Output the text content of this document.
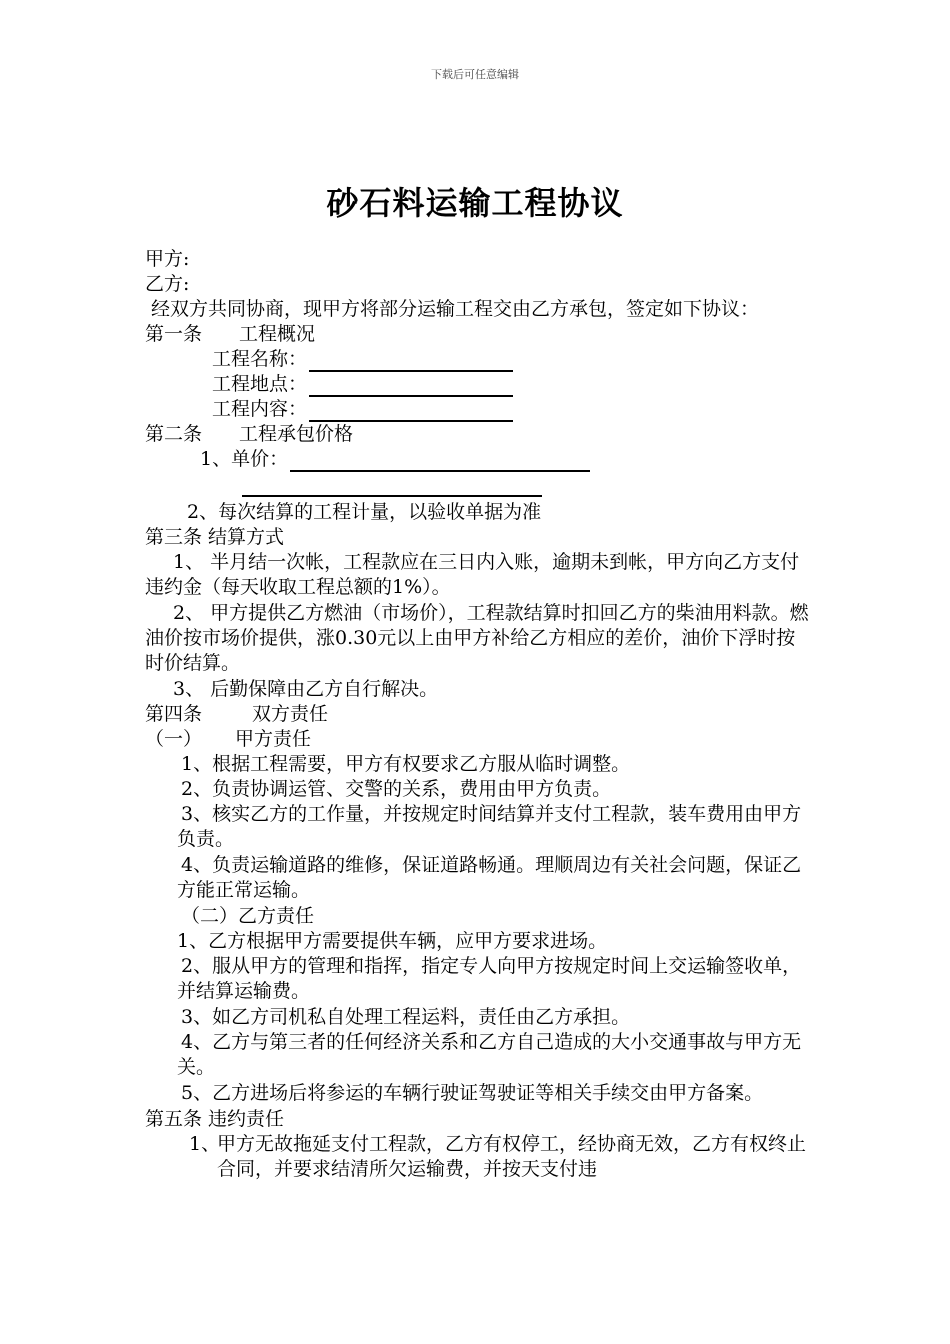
下载后可任意编辑
砂石料运输工程协议
甲方:
乙方:
经双方共同协商，现甲方将部分运输工程交由乙方承包，签定如下协议：
第一条 工程概况
工程名称：
工程地点：
工程内容：
第二条 工程承包价格
1、单价：
2、每次结算的工程计量，以验收单据为准
第三条 结算方式
1、 半月结一次帐，工程款应在三日内入账，逾期未到帐，甲方向乙方支付违约金（每天收取工程总额的1%）。
2、 甲方提供乙方燃油（市场价），工程款结算时扣回乙方的柴油用料款。燃油价按市场价提供，涨0.30元以上由甲方补给乙方相应的差价，油价下浮时按时价结算。
3、 后勤保障由乙方自行解决。
第四条	双方责任
（一） 甲方责任
1、根据工程需要，甲方有权要求乙方服从临时调整。
2、负责协调运管、交警的关系，费用由甲方负责。
3、核实乙方的工作量，并按规定时间结算并支付工程款，装车费用由甲方负责。
4、负责运输道路的维修，保证道路畅通。理顺周边有关社会问题，保证乙方能正常运输。
（二）乙方责任
1、乙方根据甲方需要提供车辆，应甲方要求进场。
2、服从甲方的管理和指挥，指定专人向甲方按规定时间上交运输签收单，并结算运输费。
3、如乙方司机私自处理工程运料，责任由乙方承担。
4、乙方与第三者的任何经济关系和乙方自己造成的大小交通事故与甲方无关。
5、乙方进场后将参运的车辆行驶证驾驶证等相关手续交由甲方备案。
第五条 违约责任
1、
甲方无故拖延支付工程款，乙方有权停工，经协商无效，乙方有权终止合同，并要求结清所欠运输费，并按天支付违
